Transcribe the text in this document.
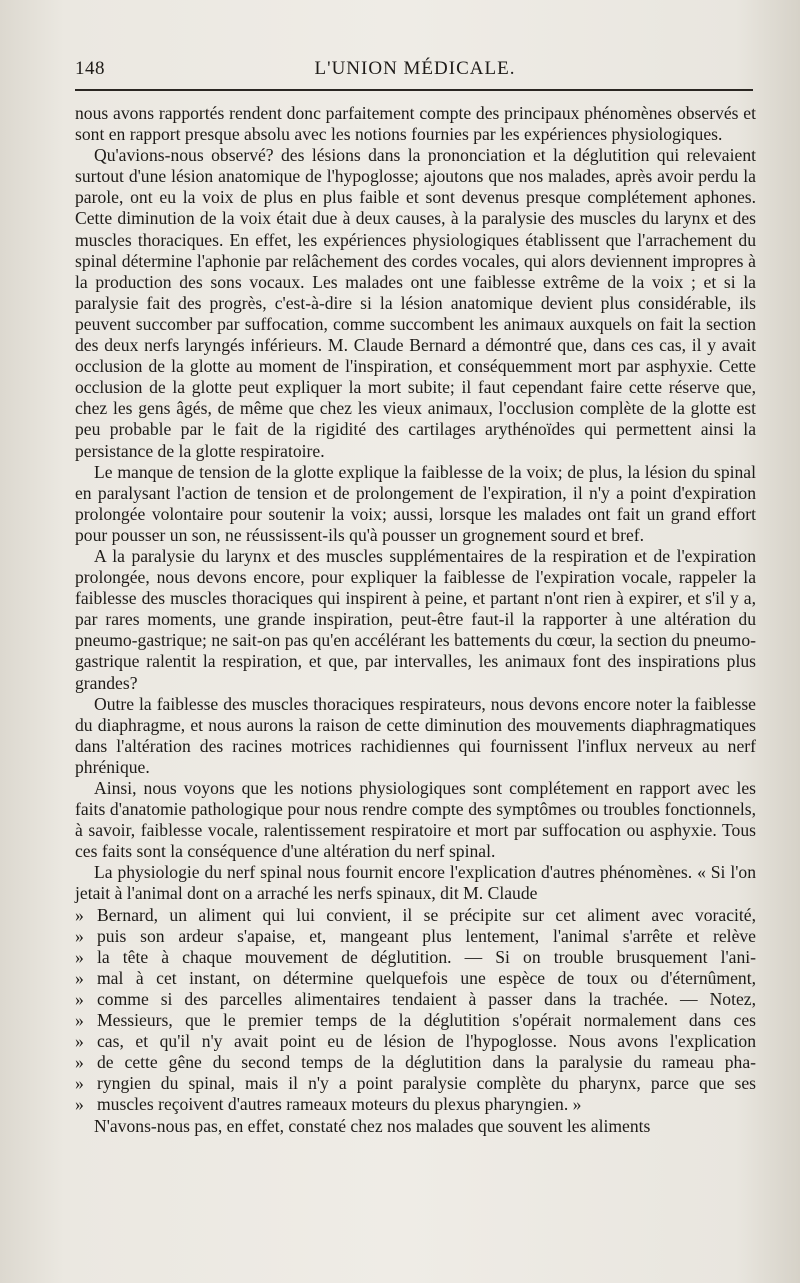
148	L'UNION MÉDICALE.

nous avons rapportés rendent donc parfaitement compte des principaux phénomènes observés et sont en rapport presque absolu avec les notions fournies par les expériences physiologiques.

Qu'avions-nous observé? des lésions dans la prononciation et la déglutition qui relevaient surtout d'une lésion anatomique de l'hypoglosse; ajoutons que nos malades, après avoir perdu la parole, ont eu la voix de plus en plus faible et sont devenus presque complétement aphones. Cette diminution de la voix était due à deux causes, à la paralysie des muscles du larynx et des muscles thoraciques. En effet, les expériences physiologiques établissent que l'arrachement du spinal détermine l'aphonie par relâchement des cordes vocales, qui alors deviennent impropres à la production des sons vocaux. Les malades ont une faiblesse extrême de la voix ; et si la paralysie fait des progrès, c'est-à-dire si la lésion anatomique devient plus considérable, ils peuvent succomber par suffocation, comme succombent les animaux auxquels on fait la section des deux nerfs laryngés inférieurs. M. Claude Bernard a démontré que, dans ces cas, il y avait occlusion de la glotte au moment de l'inspiration, et conséquemment mort par asphyxie. Cette occlusion de la glotte peut expliquer la mort subite; il faut cependant faire cette réserve que, chez les gens âgés, de même que chez les vieux animaux, l'occlusion complète de la glotte est peu probable par le fait de la rigidité des cartilages arythénoïdes qui permettent ainsi la persistance de la glotte respiratoire.

Le manque de tension de la glotte explique la faiblesse de la voix; de plus, la lésion du spinal en paralysant l'action de tension et de prolongement de l'expiration, il n'y a point d'expiration prolongée volontaire pour soutenir la voix; aussi, lorsque les malades ont fait un grand effort pour pousser un son, ne réussissent-ils qu'à pousser un grognement sourd et bref.

A la paralysie du larynx et des muscles supplémentaires de la respiration et de l'expiration prolongée, nous devons encore, pour expliquer la faiblesse de l'expiration vocale, rappeler la faiblesse des muscles thoraciques qui inspirent à peine, et partant n'ont rien à expirer, et s'il y a, par rares moments, une grande inspiration, peut-être faut-il la rapporter à une altération du pneumo-gastrique; ne sait-on pas qu'en accélérant les battements du cœur, la section du pneumo-gastrique ralentit la respiration, et que, par intervalles, les animaux font des inspirations plus grandes?

Outre la faiblesse des muscles thoraciques respirateurs, nous devons encore noter la faiblesse du diaphragme, et nous aurons la raison de cette diminution des mouvements diaphragmatiques dans l'altération des racines motrices rachidiennes qui fournissent l'influx nerveux au nerf phrénique.

Ainsi, nous voyons que les notions physiologiques sont complétement en rapport avec les faits d'anatomie pathologique pour nous rendre compte des symptômes ou troubles fonctionnels, à savoir, faiblesse vocale, ralentissement respiratoire et mort par suffocation ou asphyxie. Tous ces faits sont la conséquence d'une altération du nerf spinal.

La physiologie du nerf spinal nous fournit encore l'explication d'autres phénomènes. « Si l'on jetait à l'animal dont on a arraché les nerfs spinaux, dit M. Claude

» Bernard, un aliment qui lui convient, il se précipite sur cet aliment avec voracité,
» puis son ardeur s'apaise, et, mangeant plus lentement, l'animal s'arrête et relève
» la tête à chaque mouvement de déglutition. — Si on trouble brusquement l'ani-
» mal à cet instant, on détermine quelquefois une espèce de toux ou d'éternûment,
» comme si des parcelles alimentaires tendaient à passer dans la trachée. — Notez,
» Messieurs, que le premier temps de la déglutition s'opérait normalement dans ces
» cas, et qu'il n'y avait point eu de lésion de l'hypoglosse. Nous avons l'explication
» de cette gêne du second temps de la déglutition dans la paralysie du rameau pha-
» ryngien du spinal, mais il n'y a point paralysie complète du pharynx, parce que ses
» muscles reçoivent d'autres rameaux moteurs du plexus pharyngien. »

N'avons-nous pas, en effet, constaté chez nos malades que souvent les aliments
